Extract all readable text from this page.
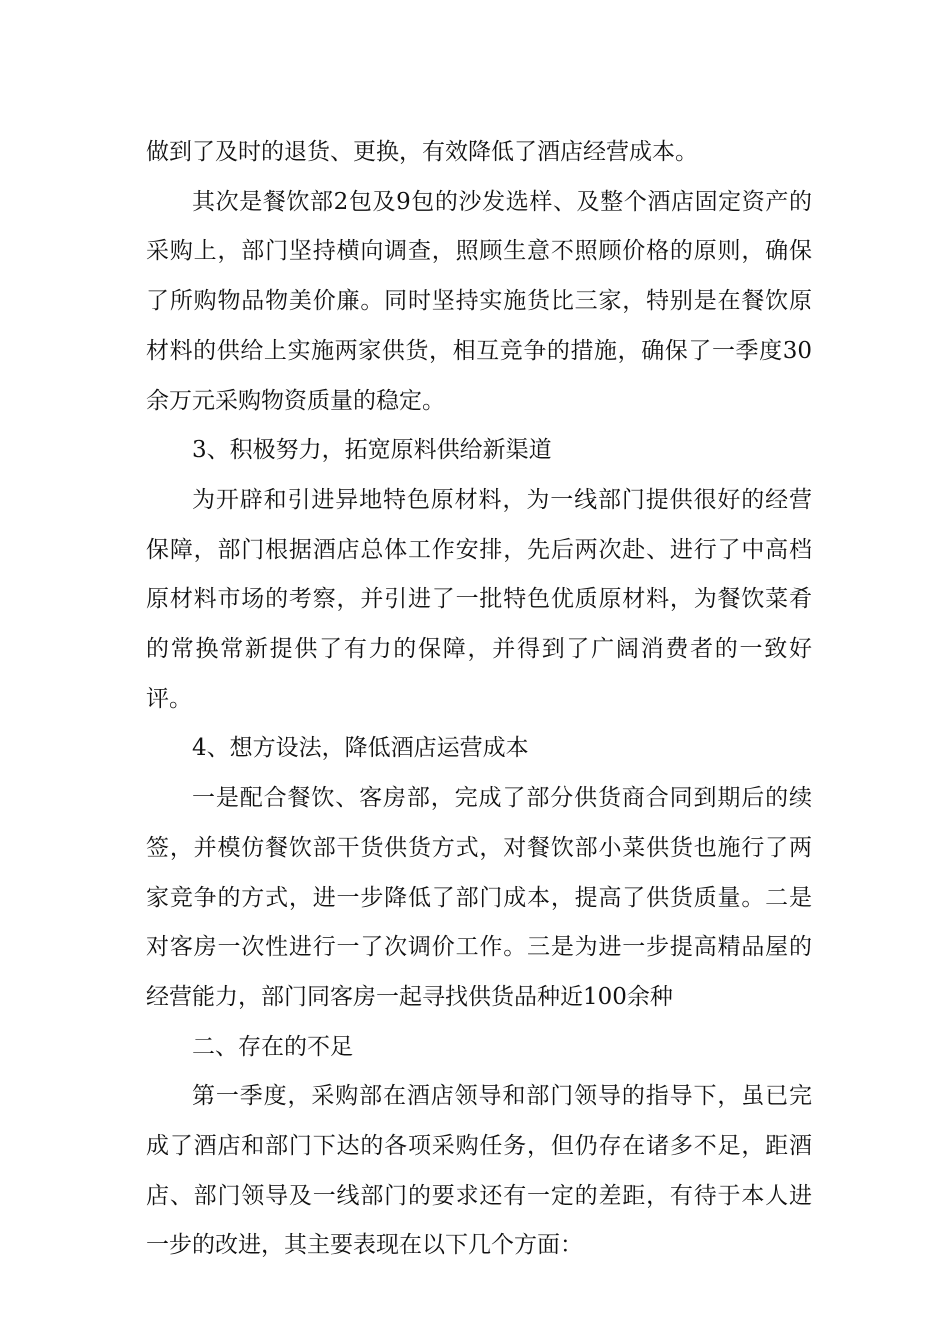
做到了及时的退货、更换，有效降低了酒店经营成本。

其次是餐饮部2包及9包的沙发选样、及整个酒店固定资产的采购上，部门坚持横向调查，照顾生意不照顾价格的原则，确保了所购物品物美价廉。同时坚持实施货比三家，特别是在餐饮原材料的供给上实施两家供货，相互竞争的措施，确保了一季度30余万元采购物资质量的稳定。

3、积极努力，拓宽原料供给新渠道

为开辟和引进异地特色原材料，为一线部门提供很好的经营保障，部门根据酒店总体工作安排，先后两次赴、进行了中高档原材料市场的考察，并引进了一批特色优质原材料，为餐饮菜肴的常换常新提供了有力的保障，并得到了广阔消费者的一致好评。

4、想方设法，降低酒店运营成本

一是配合餐饮、客房部，完成了部分供货商合同到期后的续签，并模仿餐饮部干货供货方式，对餐饮部小菜供货也施行了两家竞争的方式，进一步降低了部门成本，提高了供货质量。二是对客房一次性进行一了次调价工作。三是为进一步提高精品屋的经营能力，部门同客房一起寻找供货品种近100余种

二、存在的不足

第一季度，采购部在酒店领导和部门领导的指导下，虽已完成了酒店和部门下达的各项采购任务，但仍存在诸多不足，距酒店、部门领导及一线部门的要求还有一定的差距，有待于本人进一步的改进，其主要表现在以下几个方面：
